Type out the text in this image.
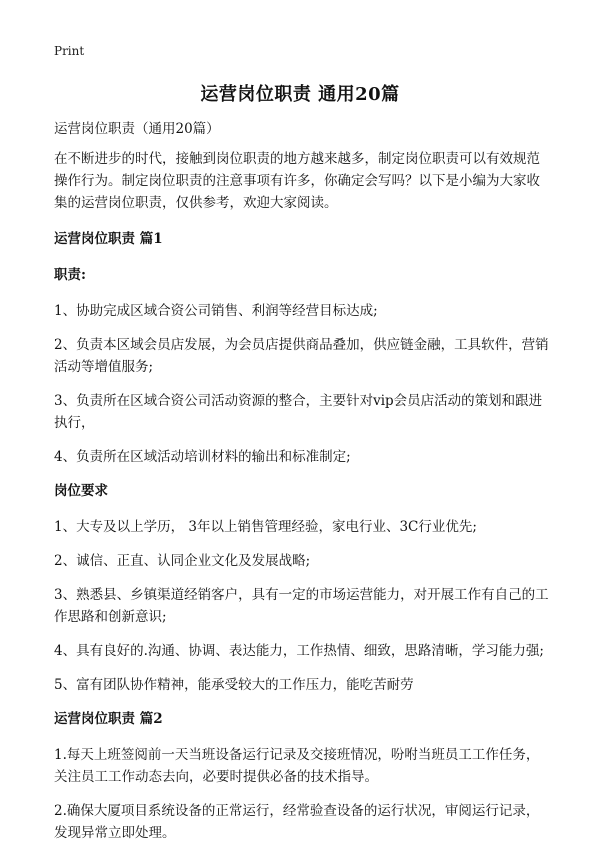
Print
运营岗位职责 通用20篇

运营岗位职责（通用20篇）

在不断进步的时代，接触到岗位职责的地方越来越多，制定岗位职责可以有效规范操作行为。制定岗位职责的注意事项有许多，你确定会写吗？以下是小编为大家收集的运营岗位职责，仅供参考，欢迎大家阅读。

运营岗位职责 篇1

职责:

1、协助完成区域合资公司销售、利润等经营目标达成;

2、负责本区域会员店发展，为会员店提供商品叠加，供应链金融，工具软件，营销活动等增值服务;

3、负责所在区域合资公司活动资源的整合，主要针对vip会员店活动的策划和跟进执行，

4、负责所在区域活动培训材料的输出和标准制定;

岗位要求

1、大专及以上学历， 3年以上销售管理经验，家电行业、3C行业优先;

2、诚信、正直、认同企业文化及发展战略;

3、熟悉县、乡镇渠道经销客户，具有一定的市场运营能力，对开展工作有自己的工作思路和创新意识;

4、具有良好的.沟通、协调、表达能力，工作热情、细致，思路清晰，学习能力强;

5、富有团队协作精神，能承受较大的工作压力，能吃苦耐劳

运营岗位职责 篇2

1.每天上班签阅前一天当班设备运行记录及交接班情况，吩咐当班员工工作任务，关注员工工作动态去向，必要时提供必备的技术指导。

2.确保大厦项目系统设备的正常运行，经常验查设备的运行状况，审阅运行记录，发现异常立即处理。
